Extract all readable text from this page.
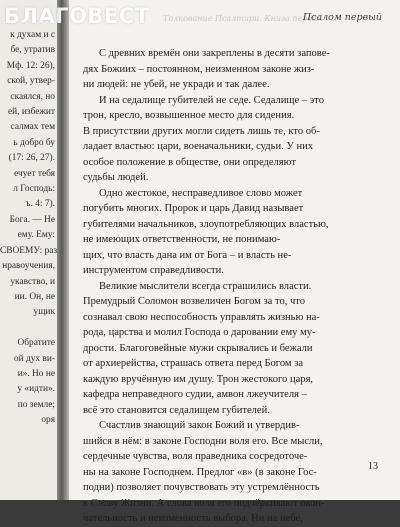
к духам и с
бе, утратив
Мф. 12: 26),
ской, утвер-
скаялся, но
ей, избежит
салмах тем
ь добро бу
(17: 26, 27).
ечует тебя
л Господь:
ъ. 4: 7).
Бога. — Не
ему. Ему:
СВОЕМУ: раз
нравоучения,
укавство, и
ии. Он, не
ущик

Обратите
ой дух ви-
и». Но не
у «идти».
по земле;
оря
Толкование Псалтири. Книга первая
Псалом первый
С древних времён они закреплены в десяти запове-
дях Божиих – постоянном, неизменном законе жиз-
ни людей: не убей, не укради и так далее.
И на седалище губителей не седе. Седалище – это
трон, кресло, возвышенное место для сидения.
В присутствии других могли сидеть лишь те, кто об-
ладает властью: цари, военачальники, судьи. У них
особое положение в обществе, они определяют
судьбы людей.
Одно жестокое, несправедливое слово может
погубить многих. Пророк и царь Давид называет
губителями начальников, злоупотребляющих властью,
не имеющих ответственности, не понимаю-
щих, что власть дана им от Бога – и власть не-
инструментом справедливости.
Великие мыслители всегда страшились власти.
Премудрый Соломон возвеличен Богом за то, что
сознавал свою неспособность управлять жизнью на-
рода, царства и молил Господа о даровании ему му-
дрости. Благоговейные мужи скрывались и бежали
от архиерейства, страшась ответа перед Богом за
каждую вручённую им душу. Трон жестокого царя,
кафедра неправедного судии, амвон лжеучителя –
всё это становится седалищем губителей.
Счастлив знающий закон Божий и утвердив-
шийся в нём: в законе Господни воля его. Все мысли,
сердечные чувства, воля праведника сосредоточе-
ны на законе Господнем. Предлог «в» (в законе Гос-
подни) позволяет почувствовать эту устремлённость
к Слову Жизни. А слова воля его подчёркивают окон-
чательность и неизменность выбора. Ни на небе,
13
БЛАГОВЕСТ
